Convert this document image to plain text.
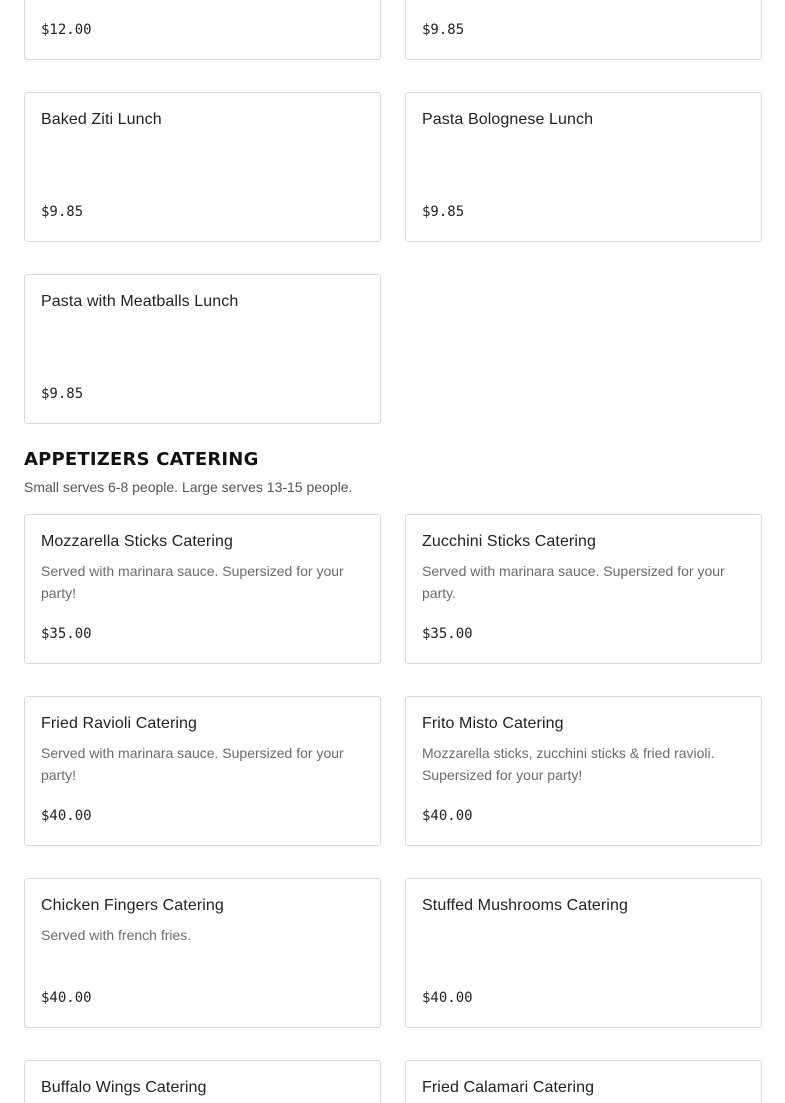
$12.00	$9.85
Baked Ziti Lunch
$9.85
Pasta Bolognese Lunch
$9.85
Pasta with Meatballs Lunch
$9.85
APPETIZERS CATERING

Small serves 6-8 people. Large serves 13-15 people.

Mozzarella Sticks Catering
Served with marinara sauce. Supersized for your party!
$35.00
Zucchini Sticks Catering
Served with marinara sauce. Supersized for your party.
$35.00
Fried Ravioli Catering
Served with marinara sauce. Supersized for your party!
$40.00
Frito Misto Catering
Mozzarella sticks, zucchini sticks & fried ravioli. Supersized for your party!
$40.00
Chicken Fingers Catering
Served with french fries.
$40.00
Stuffed Mushrooms Catering
$40.00
Buffalo Wings Catering	Fried Calamari Catering
